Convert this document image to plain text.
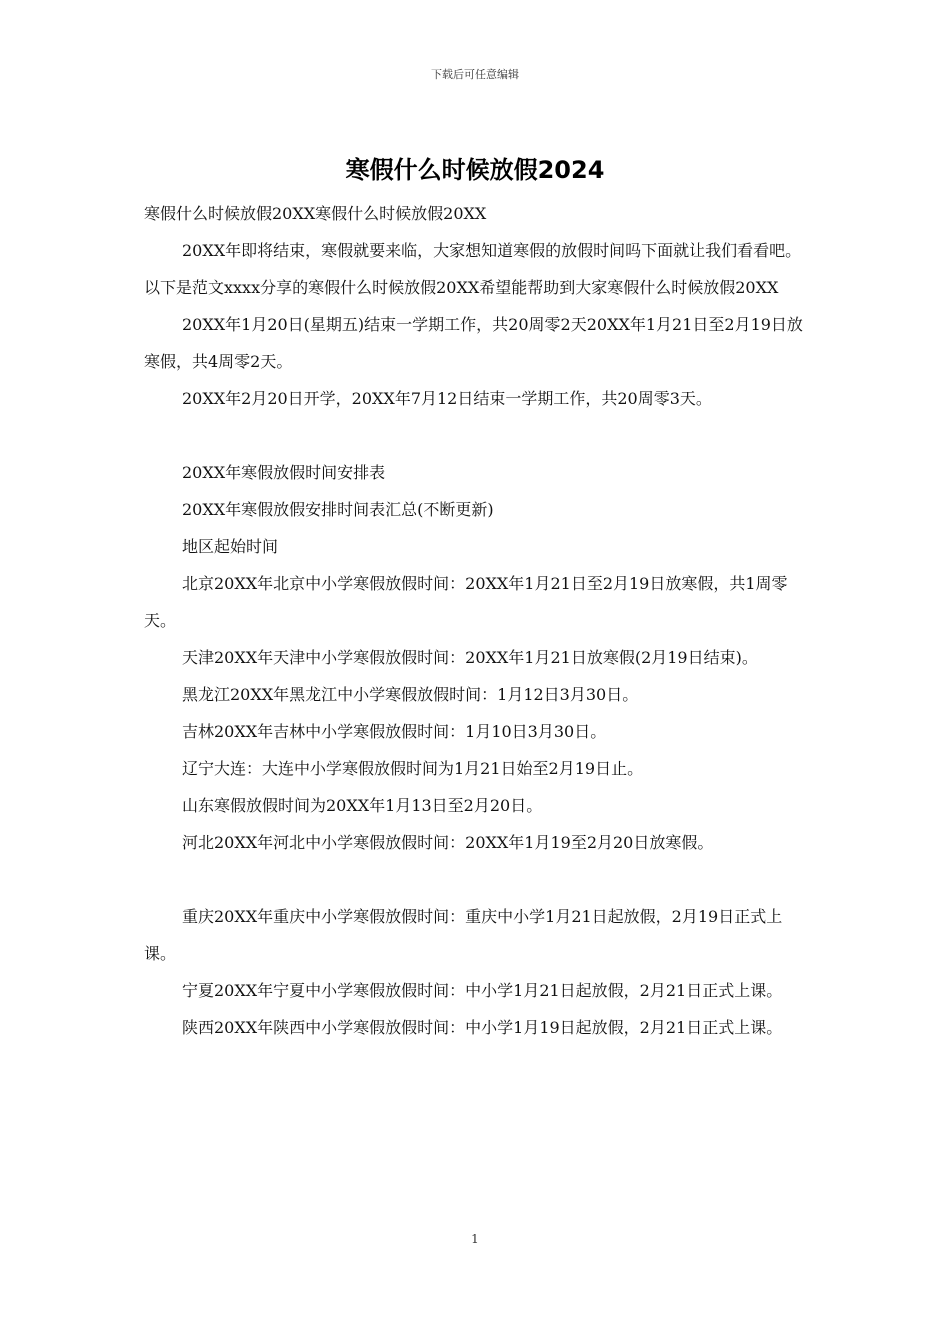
下载后可任意编辑
寒假什么时候放假2024

寒假什么时候放假20XX寒假什么时候放假20XX

20XX年即将结束，寒假就要来临，大家想知道寒假的放假时间吗下面就让我们看看吧。以下是范文xxxx分享的寒假什么时候放假20XX希望能帮助到大家寒假什么时候放假20XX

20XX年1月20日(星期五)结束一学期工作，共20周零2天20XX年1月21日至2月19日放寒假，共4周零2天。

20XX年2月20日开学，20XX年7月12日结束一学期工作，共20周零3天。

20XX年寒假放假时间安排表

20XX年寒假放假安排时间表汇总(不断更新)

地区起始时间

北京20XX年北京中小学寒假放假时间：20XX年1月21日至2月19日放寒假，共1周零天。

天津20XX年天津中小学寒假放假时间：20XX年1月21日放寒假(2月19日结束)。

黑龙江20XX年黑龙江中小学寒假放假时间：1月12日3月30日。

吉林20XX年吉林中小学寒假放假时间：1月10日3月30日。

辽宁大连：大连中小学寒假放假时间为1月21日始至2月19日止。

山东寒假放假时间为20XX年1月13日至2月20日。

河北20XX年河北中小学寒假放假时间：20XX年1月19至2月20日放寒假。

重庆20XX年重庆中小学寒假放假时间：重庆中小学1月21日起放假，2月19日正式上课。

宁夏20XX年宁夏中小学寒假放假时间：中小学1月21日起放假，2月21日正式上课。

陕西20XX年陕西中小学寒假放假时间：中小学1月19日起放假，2月21日正式上课。

1
